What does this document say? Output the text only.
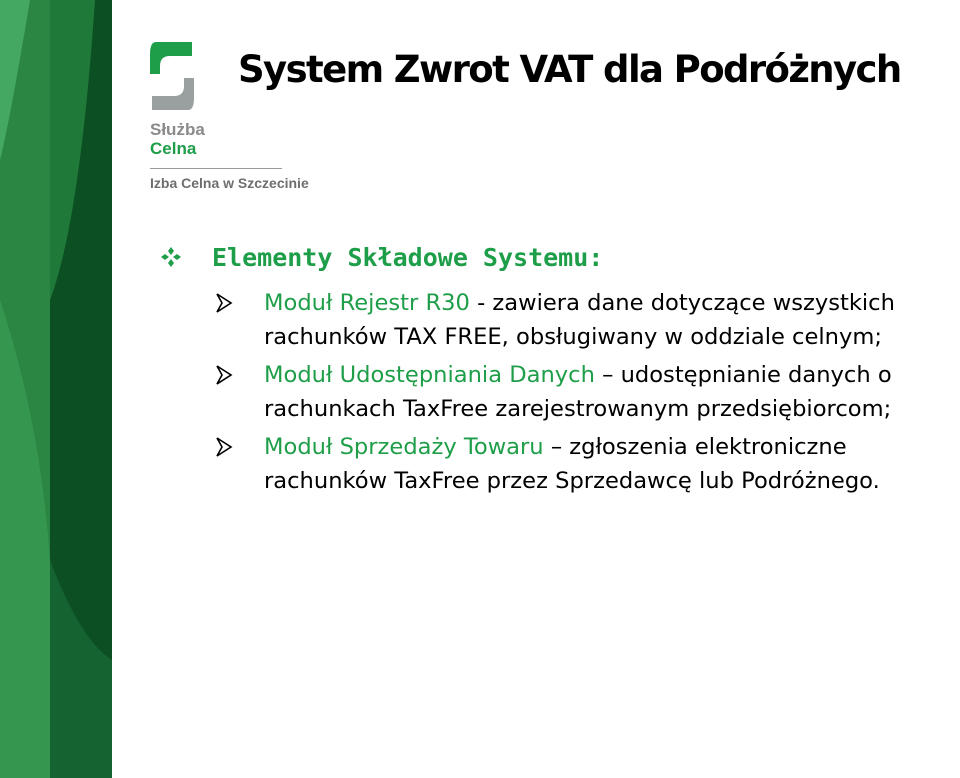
Służba
Celna
Izba Celna w Szczecinie
System Zwrot VAT dla Podróżnych
Elementy Składowe Systemu:
Moduł Rejestr R30 - zawiera dane dotyczące wszystkich rachunków TAX FREE, obsługiwany w oddziale celnym;
Moduł Udostępniania Danych – udostępnianie danych o rachunkach TaxFree zarejestrowanym przedsiębiorcom;
Moduł Sprzedaży Towaru – zgłoszenia elektroniczne rachunków TaxFree przez Sprzedawcę lub Podróżnego.
